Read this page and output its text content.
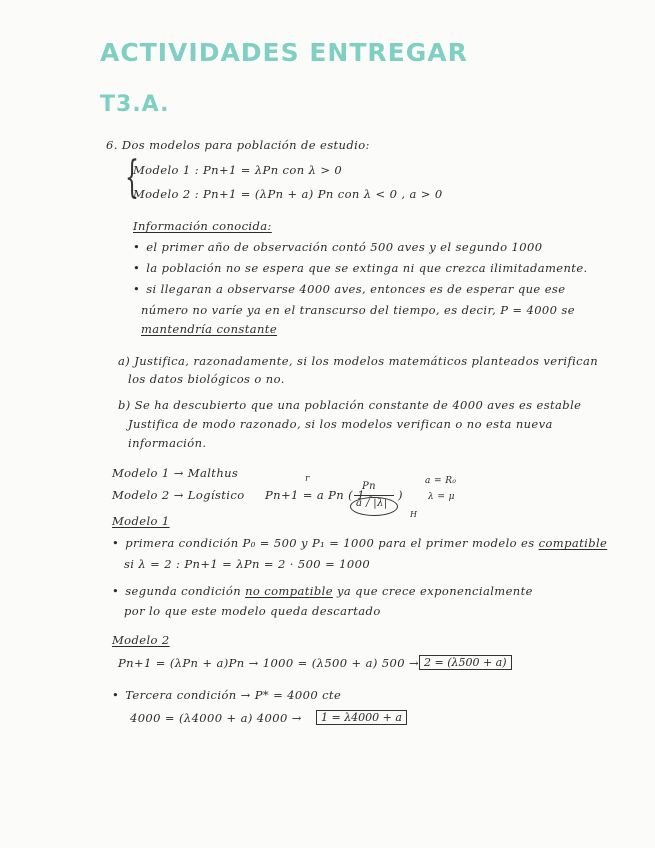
ACTIVIDADES ENTREGAR
T3.A.
6. Dos modelos para población de estudio:
{
Modelo 1 : Pn+1 = λPn con λ > 0
Modelo 2 : Pn+1 = (λPn + a) Pn con λ < 0 , a > 0
Información conocida:
• el primer año de observación contó 500 aves y el segundo 1000
• la población no se espera que se extinga ni que crezca ilimitadamente.
• si llegaran a observarse 4000 aves, entonces es de esperar que ese
número no varíe ya en el transcurso del tiempo, es decir, P = 4000 se
mantendría constante
a) Justifica, razonadamente, si los modelos matemáticos planteados verifican
los datos biológicos o no.
b) Se ha descubierto que una población constante de 4000 aves es estable
Justifica de modo razonado, si los modelos verifican o no esta nueva
información.
Modelo 1 → Malthus
Modelo 2 → Logístico Pn+1 = a Pn ( 1 -
Pn
a / |λ|
)
r	a = R₀
λ = μ
H
Modelo 1
• primera condición P₀ = 500 y P₁ = 1000 para el primer modelo es compatible
si λ = 2 : Pn+1 = λPn = 2 · 500 = 1000
• segunda condición no compatible ya que crece exponencialmente
por lo que este modelo queda descartado
Modelo 2
Pn+1 = (λPn + a)Pn → 1000 = (λ500 + a) 500 → 2 = (λ500 + a)
• Tercera condición → P* = 4000 cte
4000 = (λ4000 + a) 4000 →	1 = λ4000 + a
